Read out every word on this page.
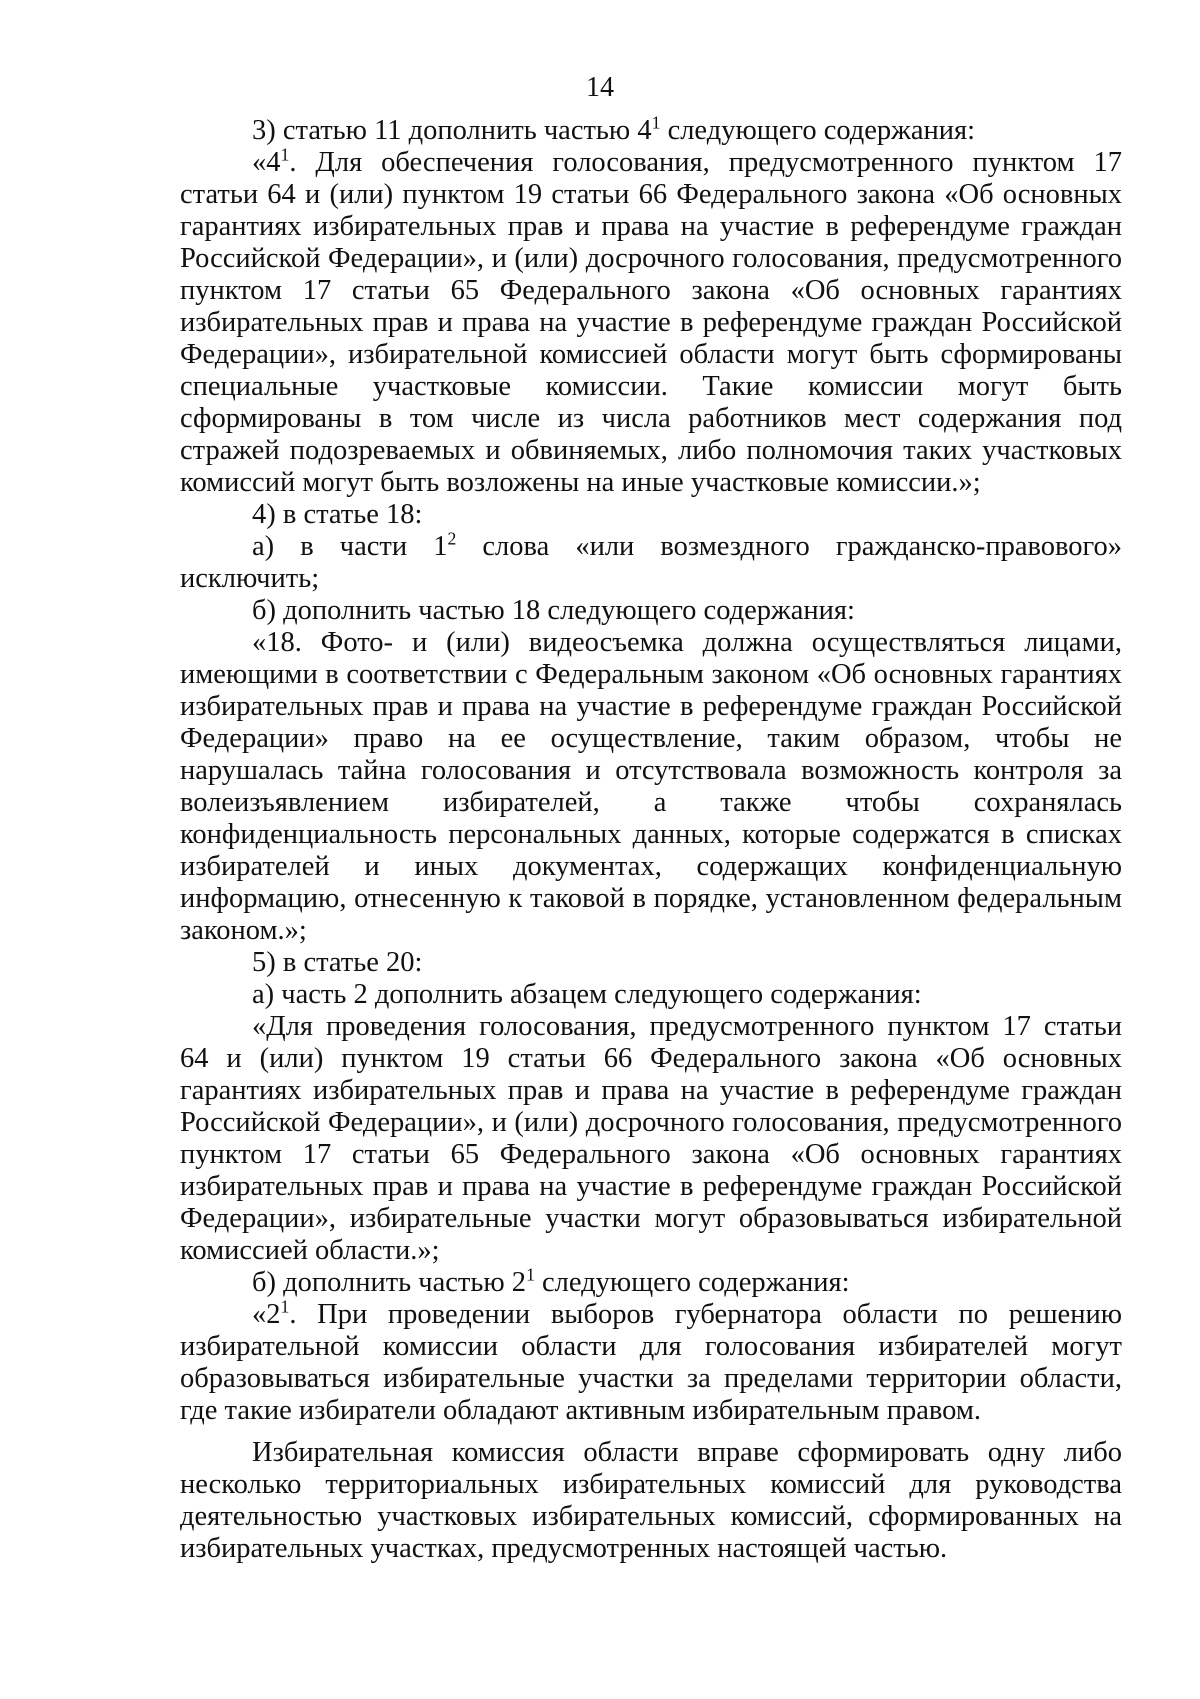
14

3) статью 11 дополнить частью $4^1$ следующего содержания:

«$4^1$. Для обеспечения голосования, предусмотренного пунктом 17 статьи 64 и (или) пунктом 19 статьи 66 Федерального закона «Об основных гарантиях избирательных прав и права на участие в референдуме граждан Российской Федерации», и (или) досрочного голосования, предусмотренного пунктом 17 статьи 65 Федерального закона «Об основных гарантиях избирательных прав и права на участие в референдуме граждан Российской Федерации», избирательной комиссией области могут быть сформированы специальные участковые комиссии. Такие комиссии могут быть сформированы в том числе из числа работников мест содержания под стражей подозреваемых и обвиняемых, либо полномочия таких участковых комиссий могут быть возложены на иные участковые комиссии.»;

4) в статье 18:

а) в части $1^2$ слова «или возмездного гражданско-правового» исключить;

б) дополнить частью 18 следующего содержания:

«18. Фото- и (или) видеосъемка должна осуществляться лицами, имеющими в соответствии с Федеральным законом «Об основных гарантиях избирательных прав и права на участие в референдуме граждан Российской Федерации» право на ее осуществление, таким образом, чтобы не нарушалась тайна голосования и отсутствовала возможность контроля за волеизъявлением избирателей, а также чтобы сохранялась конфиденциальность персональных данных, которые содержатся в списках избирателей и иных документах, содержащих конфиденциальную информацию, отнесенную к таковой в порядке, установленном федеральным законом.»;

5) в статье 20:

а) часть 2 дополнить абзацем следующего содержания:

«Для проведения голосования, предусмотренного пунктом 17 статьи 64 и (или) пунктом 19 статьи 66 Федерального закона «Об основных гарантиях избирательных прав и права на участие в референдуме граждан Российской Федерации», и (или) досрочного голосования, предусмотренного пунктом 17 статьи 65 Федерального закона «Об основных гарантиях избирательных прав и права на участие в референдуме граждан Российской Федерации», избирательные участки могут образовываться избирательной комиссией области.»;

б) дополнить частью $2^1$ следующего содержания:

«$2^1$. При проведении выборов губернатора области по решению избирательной комиссии области для голосования избирателей могут образовываться избирательные участки за пределами территории области, где такие избиратели обладают активным избирательным правом.

Избирательная комиссия области вправе сформировать одну либо несколько территориальных избирательных комиссий для руководства деятельностью участковых избирательных комиссий, сформированных на избирательных участках, предусмотренных настоящей частью.
